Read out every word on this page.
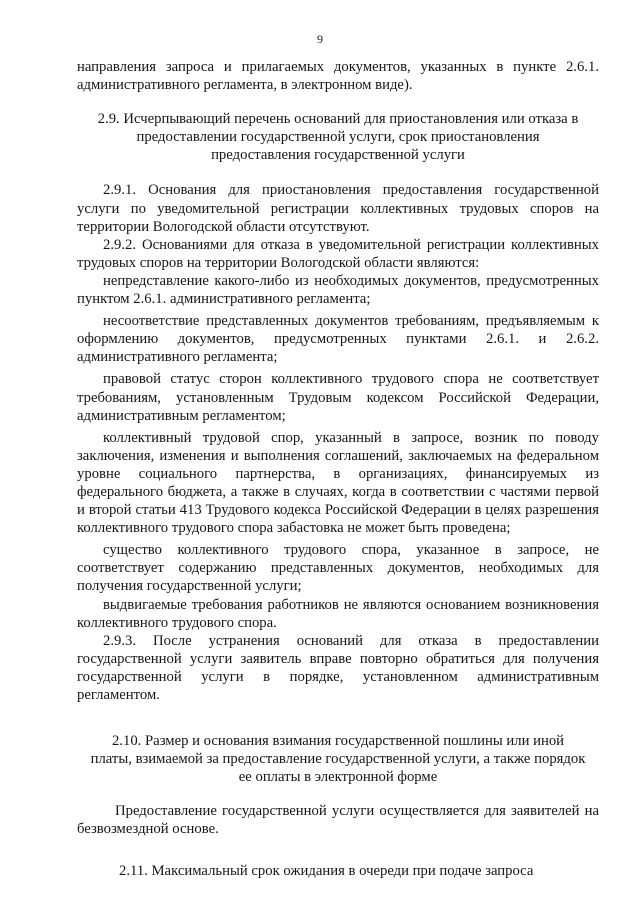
9

направления запроса и прилагаемых документов, указанных в пункте 2.6.1. административного регламента, в электронном виде).

2.9. Исчерпывающий перечень оснований для приостановления или отказа в
предоставлении государственной услуги, срок приостановления
предоставления государственной услуги

2.9.1. Основания для приостановления предоставления государственной услуги по уведомительной регистрации коллективных трудовых споров на территории Вологодской области отсутствуют.

2.9.2. Основаниями для отказа в уведомительной регистрации коллективных трудовых споров на территории Вологодской области являются:

непредставление какого-либо из необходимых документов, предусмотренных пунктом 2.6.1. административного регламента;

несоответствие представленных документов требованиям, предъявляемым к оформлению документов, предусмотренных пунктами 2.6.1. и 2.6.2. административного регламента;

правовой статус сторон коллективного трудового спора не соответствует требованиям, установленным Трудовым кодексом Российской Федерации, административным регламентом;

коллективный трудовой спор, указанный в запросе, возник по поводу заключения, изменения и выполнения соглашений, заключаемых на федеральном уровне социального партнерства, в организациях, финансируемых из федерального бюджета, а также в случаях, когда в соответствии с частями первой и второй статьи 413 Трудового кодекса Российской Федерации в целях разрешения коллективного трудового спора забастовка не может быть проведена;

существо коллективного трудового спора, указанное в запросе, не соответствует содержанию представленных документов, необходимых для получения государственной услуги;

выдвигаемые требования работников не являются основанием возникновения коллективного трудового спора.

2.9.3. После устранения оснований для отказа в предоставлении государственной услуги заявитель вправе повторно обратиться для получения государственной услуги в порядке, установленном административным регламентом.

2.10. Размер и основания взимания государственной пошлины или иной
платы, взимаемой за предоставление государственной услуги, а также порядок
ее оплаты в электронной форме

Предоставление государственной услуги осуществляется для заявителей на безвозмездной основе.

2.11. Максимальный срок ожидания в очереди при подаче запроса
